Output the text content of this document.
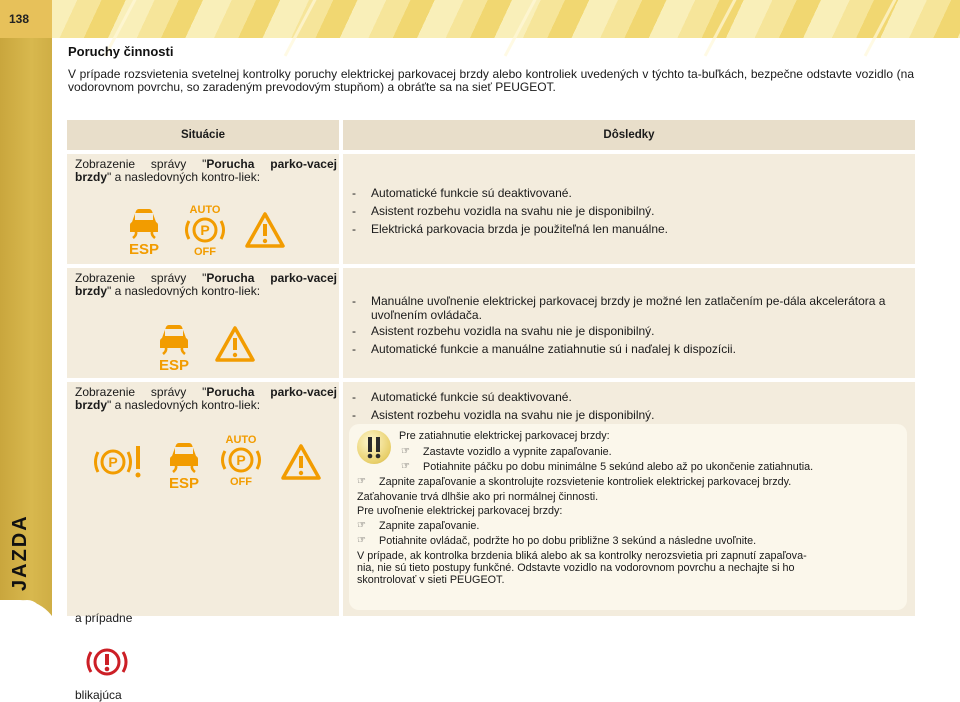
138
JAZDA
Poruchy činnosti
V prípade rozsvietenia svetelnej kontrolky poruchy elektrickej parkovacej brzdy alebo kontroliek uvedených v týchto ta-buľkách, bezpečne odstavte vozidlo (na vodorovnom povrchu, so zaradeným prevodovým stupňom) a obráťte sa na sieť PEUGEOT.
Situácie	Dôsledky
Zobrazenie správy "Porucha parko-vacej brzdy" a nasledovných kontro-liek:
ESP
AUTO
P
OFF
-	Automatické funkcie sú deaktivované.
-	Asistent rozbehu vozidla na svahu nie je disponibilný.
-	Elektrická parkovacia brzda je použiteľná len manuálne.
Zobrazenie správy "Porucha parko-vacej brzdy" a nasledovných kontro-liek:
ESP
-	Manuálne uvoľnenie elektrickej parkovacej brzdy je možné len zatlačením pe-dála akcelerátora a uvoľnením ovládača.
-	Asistent rozbehu vozidla na svahu nie je disponibilný.
-	Automatické funkcie a manuálne zatiahnutie sú i naďalej k dispozícii.
Zobrazenie správy "Porucha parko-vacej brzdy" a nasledovných kontro-liek:
P
ESP
AUTO
P
OFF
a prípadne
blikajúca
-	Automatické funkcie sú deaktivované.
-	Asistent rozbehu vozidla na svahu nie je disponibilný.
Pre zatiahnutie elektrickej parkovacej brzdy:
☞ Zastavte vozidlo a vypnite zapaľovanie.
☞ Potiahnite páčku po dobu minimálne 5 sekúnd alebo až po ukončenie zatiahnutia.
☞ Zapnite zapaľovanie a skontrolujte rozsvietenie kontroliek elektrickej parkovacej brzdy.
Zaťahovanie trvá dlhšie ako pri normálnej činnosti.
Pre uvoľnenie elektrickej parkovacej brzdy:
☞ Zapnite zapaľovanie.
☞ Potiahnite ovládač, podržte ho po dobu približne 3 sekúnd a následne uvoľnite.
V prípade, ak kontrolka brzdenia bliká alebo ak sa kontrolky nerozsvietia pri zapnutí zapaľova-
nia, nie sú tieto postupy funkčné. Odstavte vozidlo na vodorovnom povrchu a nechajte si ho
skontrolovať v sieti PEUGEOT.
